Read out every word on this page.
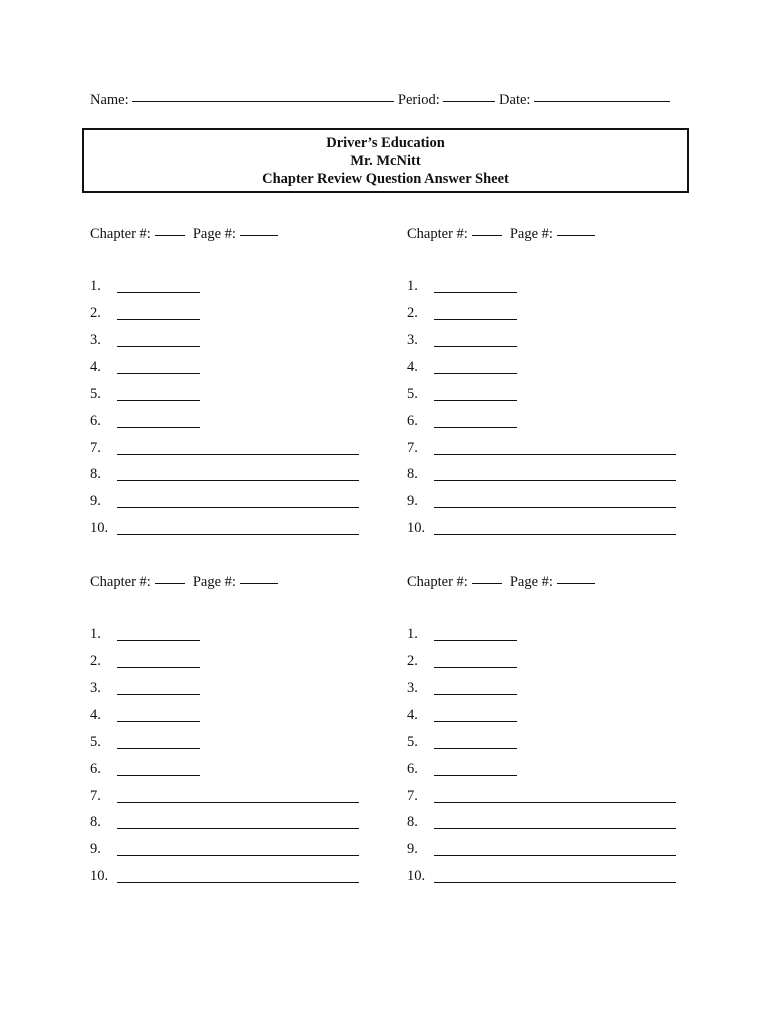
Name:	Period:	Date:
Driver’s Education
Mr. McNitt
Chapter Review Question Answer Sheet
Chapter #:	Page #:
1.
2.
3.
4.
5.
6.
7.
8.
9.
10.
Chapter #:	Page #:
1.
2.
3.
4.
5.
6.
7.
8.
9.
10.
Chapter #:	Page #:
1.
2.
3.
4.
5.
6.
7.
8.
9.
10.
Chapter #:	Page #:
1.
2.
3.
4.
5.
6.
7.
8.
9.
10.
